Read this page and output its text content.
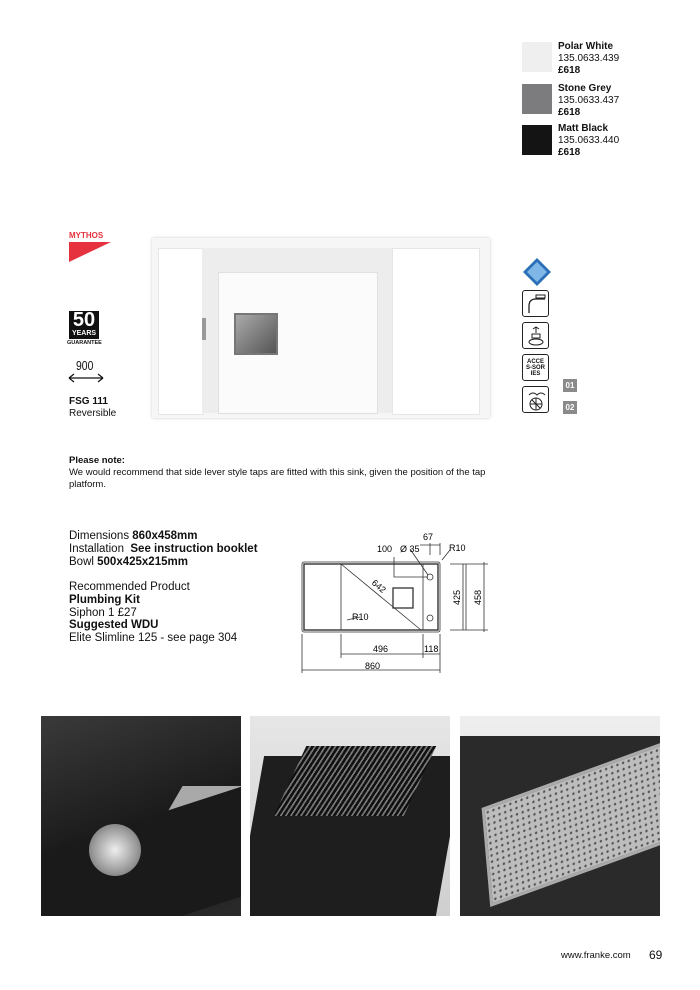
Polar White
135.0633.439
£618
Stone Grey
135.0633.437
£618
Matt Black
135.0633.440
£618
MYTHOS
50
YEARS
GUARANTEE
900
FSG 111
Reversible
ACCES-SORIES
01
02
Please note:
We would recommend that side lever style taps are fitted with this sink, given the position of the tap platform.
Dimensions 860x458mm
Installation See instruction booklet
Bowl 500x425x215mm
Recommended Product
Plumbing Kit
Siphon 1 £27
Suggested WDU
Elite Slimline 125 - see page 304
67
100 Ø 35	R10
642
R10
425 458
496	118
860
www.franke.com 69
